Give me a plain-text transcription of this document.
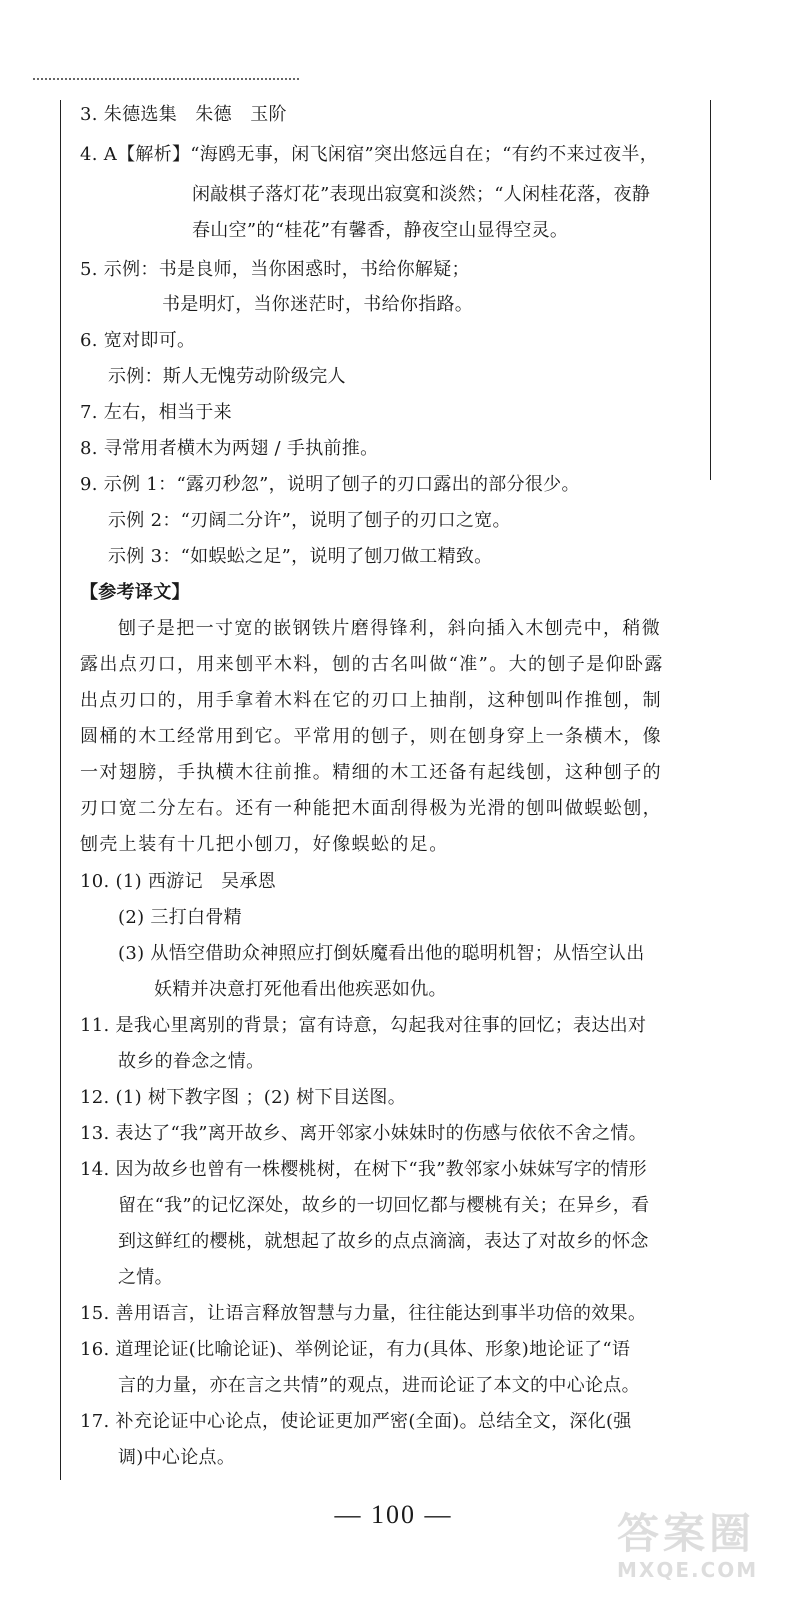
3. 朱德选集　朱德　玉阶
4. A【解析】“海鸥无事，闲飞闲宿”突出悠远自在；“有约不来过夜半，
闲敲棋子落灯花”表现出寂寞和淡然；“人闲桂花落，夜静
春山空”的“桂花”有馨香，静夜空山显得空灵。
5. 示例：书是良师，当你困惑时，书给你解疑；
书是明灯，当你迷茫时，书给你指路。
6. 宽对即可。
示例：斯人无愧劳动阶级完人
7. 左右，相当于来
8. 寻常用者横木为两翅 / 手执前推。
9. 示例 1：“露刃秒忽”，说明了刨子的刃口露出的部分很少。
示例 2：“刃阔二分许”，说明了刨子的刃口之宽。
示例 3：“如蜈蚣之足”，说明了刨刀做工精致。
【参考译文】
刨子是把一寸宽的嵌钢铁片磨得锋利，斜向插入木刨壳中，稍微
露出点刃口，用来刨平木料，刨的古名叫做“准”。大的刨子是仰卧露
出点刃口的，用手拿着木料在它的刃口上抽削，这种刨叫作推刨，制
圆桶的木工经常用到它。平常用的刨子，则在刨身穿上一条横木，像
一对翅膀，手执横木往前推。精细的木工还备有起线刨，这种刨子的
刃口宽二分左右。还有一种能把木面刮得极为光滑的刨叫做蜈蚣刨，
刨壳上装有十几把小刨刀，好像蜈蚣的足。
10. (1) 西游记　吴承恩
(2) 三打白骨精
(3) 从悟空借助众神照应打倒妖魔看出他的聪明机智；从悟空认出
妖精并决意打死他看出他疾恶如仇。
11. 是我心里离别的背景；富有诗意，勾起我对往事的回忆；表达出对
故乡的眷念之情。
12. (1) 树下教字图 ；(2) 树下目送图。
13. 表达了“我”离开故乡、离开邻家小妹妹时的伤感与依依不舍之情。
14. 因为故乡也曾有一株樱桃树，在树下“我”教邻家小妹妹写字的情形
留在“我”的记忆深处，故乡的一切回忆都与樱桃有关；在异乡，看
到这鲜红的樱桃，就想起了故乡的点点滴滴，表达了对故乡的怀念
之情。
15. 善用语言，让语言释放智慧与力量，往往能达到事半功倍的效果。
16. 道理论证(比喻论证)、举例论证，有力(具体、形象)地论证了“语
言的力量，亦在言之共情”的观点，进而论证了本文的中心论点。
17. 补充论证中心论点，使论证更加严密(全面)。总结全文，深化(强
调)中心论点。
— 100 —	答案圈
MXQE.COM
